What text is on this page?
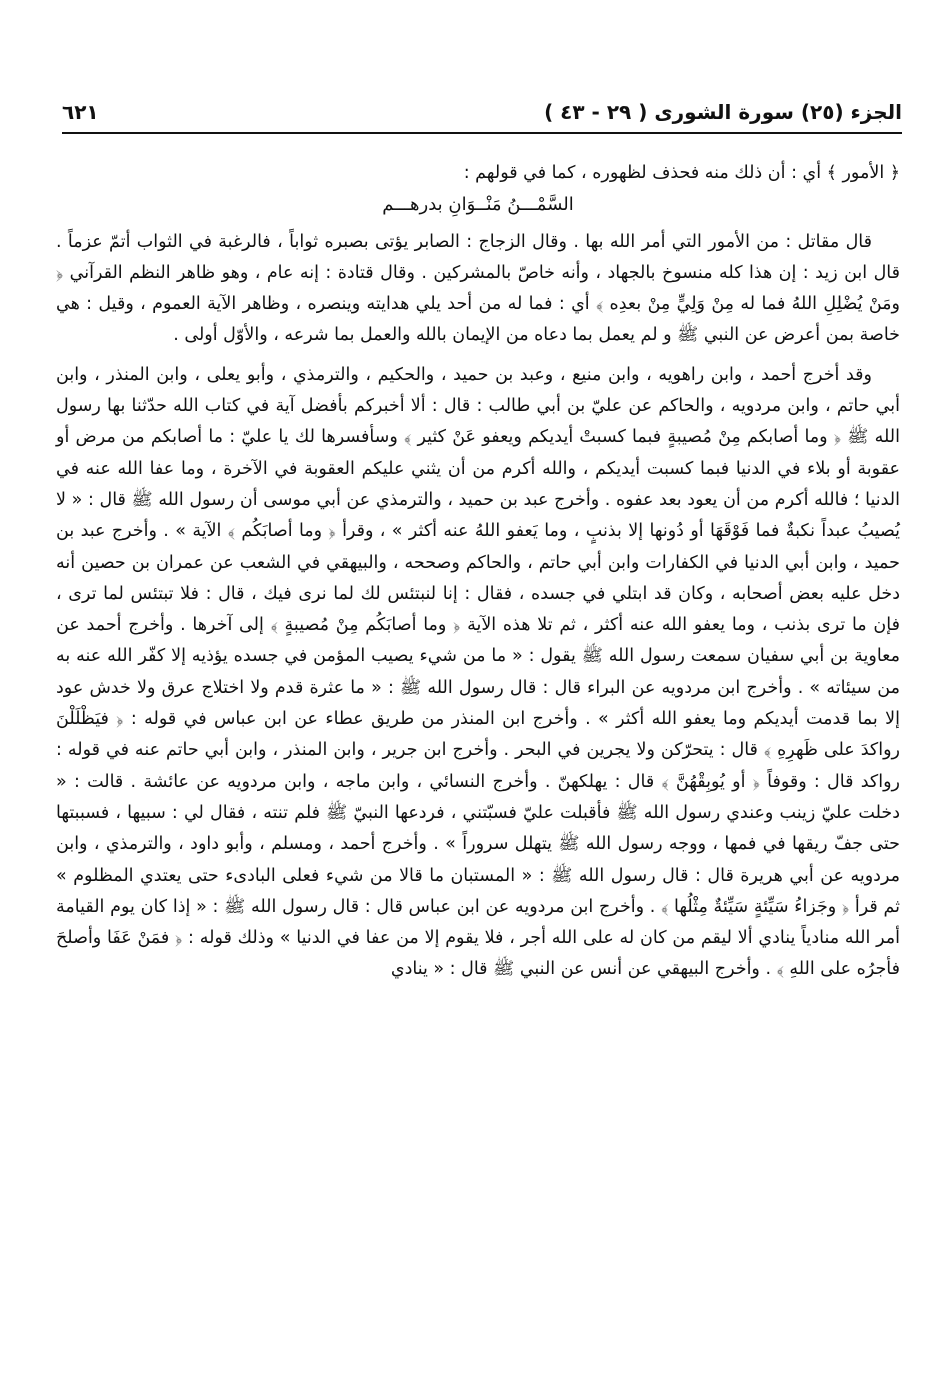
الجزء (٢٥) سورة الشورى ( ٢٩ - ٤٣ )
٦٢١

﴿ الأمور ﴾ أي : أن ذلك منه فحذف لظهوره ، كما في قولهم :

السَّمْـــنُ مَنْــوَانِ بدرهـــم

قال مقاتل : من الأمور التي أمر الله بها . وقال الزجاج : الصابر يؤتى بصبره ثواباً ، فالرغبة في الثواب أتمّ عزماً . قال ابن زيد : إن هذا كله منسوخ بالجهاد ، وأنه خاصّ بالمشركين . وقال قتادة : إنه عام ، وهو ظاهر النظم القرآني ﴿ ومَنْ يُضْلِلِ اللهُ فما له مِنْ وَلِيٍّ مِنْ بعدِه ﴾ أي : فما له من أحد يلي هدايته وينصره ، وظاهر الآية العموم ، وقيل : هي خاصة بمن أعرض عن النبي ﷺ و لم يعمل بما دعاه من الإيمان بالله والعمل بما شرعه ، والأوّل أولى .

وقد أخرج أحمد ، وابن راهويه ، وابن منيع ، وعبد بن حميد ، والحكيم ، والترمذي ، وأبو يعلى ، وابن المنذر ، وابن أبي حاتم ، وابن مردويه ، والحاكم عن عليّ بن أبي طالب : قال : ألا أخبركم بأفضل آية في كتاب الله حدّثنا بها رسول الله ﷺ ﴿ وما أصابكم مِنْ مُصيبةٍ فبما كسبتْ أيديكم ويعفو عَنْ كثير ﴾ وسأفسرها لك يا عليّ : ما أصابكم من مرض أو عقوبة أو بلاء في الدنيا فبما كسبت أيديكم ، والله أكرم من أن يثني عليكم العقوبة في الآخرة ، وما عفا الله عنه في الدنيا ؛ فالله أكرم من أن يعود بعد عفوه . وأخرج عبد بن حميد ، والترمذي عن أبي موسى أن رسول الله ﷺ قال : « لا يُصيبُ عبداً نكبةٌ فما فَوْقَهَا أو دُونها إلا بذنبٍ ، وما يَعفو اللهُ عنه أكثر » ، وقرأ ﴿ وما أصابَكُم ﴾ الآية » . وأخرج عبد بن حميد ، وابن أبي الدنيا في الكفارات وابن أبي حاتم ، والحاكم وصححه ، والبيهقي في الشعب عن عمران بن حصين أنه دخل عليه بعض أصحابه ، وكان قد ابتلي في جسده ، فقال : إنا لنبتئس لك لما نرى فيك ، قال : فلا تبتئس لما ترى ، فإن ما ترى بذنب ، وما يعفو الله عنه أكثر ، ثم تلا هذه الآية ﴿ وما أصابَكُم مِنْ مُصيبةٍ ﴾ إلى آخرها . وأخرج أحمد عن معاوية بن أبي سفيان سمعت رسول الله ﷺ يقول : « ما من شيء يصيب المؤمن في جسده يؤذيه إلا كفّر الله عنه به من سيئاته » . وأخرج ابن مردويه عن البراء قال : قال رسول الله ﷺ : « ما عثرة قدم ولا اختلاج عرق ولا خدش عود إلا بما قدمت أيديكم وما يعفو الله أكثر » . وأخرج ابن المنذر من طريق عطاء عن ابن عباس في قوله : ﴿ فيَظْلَلْنَ رواكدَ على ظَهرِهِ ﴾ قال : يتحرّكن ولا يجرين في البحر . وأخرج ابن جرير ، وابن المنذر ، وابن أبي حاتم عنه في قوله : رواكد قال : وقوفاً ﴿ أو يُوبِقْهُنَّ ﴾ قال : يهلكهنّ . وأخرج النسائي ، وابن ماجه ، وابن مردويه عن عائشة . قالت : « دخلت عليّ زينب وعندي رسول الله ﷺ فأقبلت عليّ فسبّتني ، فردعها النبيّ ﷺ فلم تنته ، فقال لي : سبيها ، فسببتها حتى جفّ ريقها في فمها ، ووجه رسول الله ﷺ يتهلل سروراً » . وأخرج أحمد ، ومسلم ، وأبو داود ، والترمذي ، وابن مردويه عن أبي هريرة قال : قال رسول الله ﷺ : « المستبان ما قالا من شيء فعلى البادىء حتى يعتدي المظلوم » ثم قرأ ﴿ وجَزاءُ سَيِّئةٍ سَيِّئةٌ مِثْلُها ﴾ . وأخرج ابن مردويه عن ابن عباس قال : قال رسول الله ﷺ : « إذا كان يوم القيامة أمر الله منادياً ينادي ألا ليقم من كان له على الله أجر ، فلا يقوم إلا من عفا في الدنيا » وذلك قوله : ﴿ فمَنْ عَفَا وأصلحَ فأجرُه على اللهِ ﴾ . وأخرج البيهقي عن أنس عن النبي ﷺ قال : « ينادي
